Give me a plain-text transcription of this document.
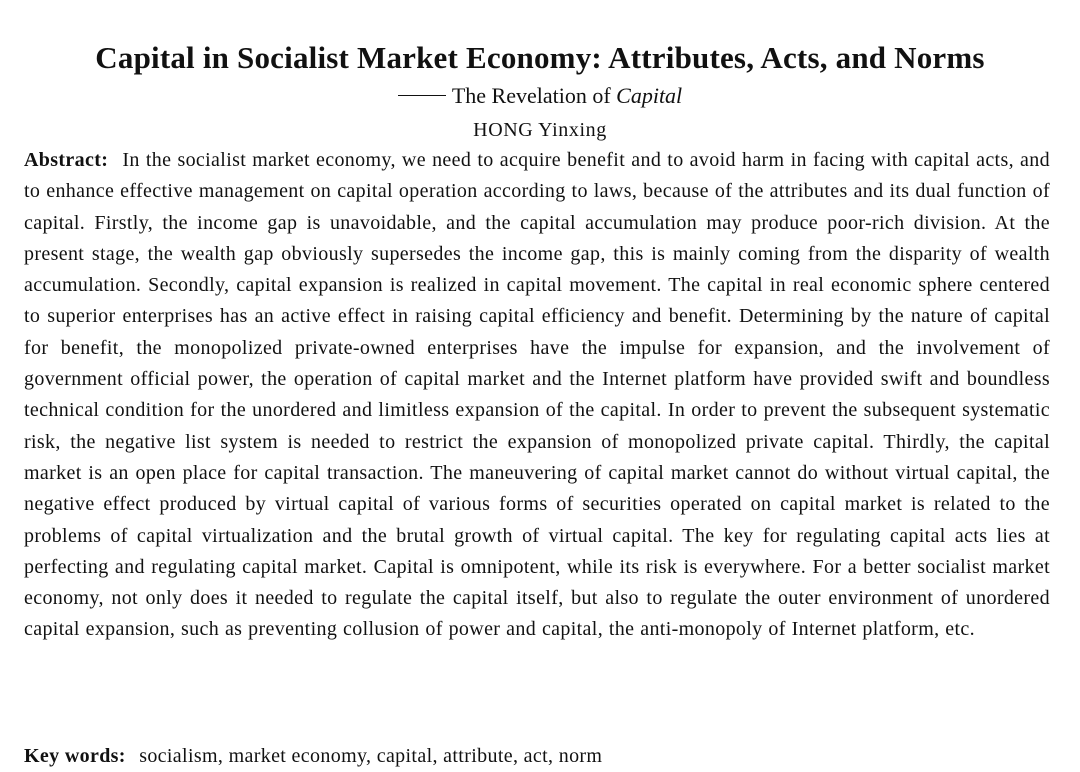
Capital in Socialist Market Economy: Attributes, Acts, and Norms
The Revelation of Capital
HONG Yinxing

Abstract: In the socialist market economy, we need to acquire benefit and to avoid harm in facing with capital acts, and to enhance effective management on capital operation according to laws, because of the attributes and its dual function of capital. Firstly, the income gap is unavoidable, and the capital accumulation may produce poor-rich division. At the present stage, the wealth gap obviously supersedes the income gap, this is mainly coming from the disparity of wealth accumulation. Secondly, capital expansion is realized in capital movement. The capital in real economic sphere centered to superior enterprises has an active effect in raising capital efficiency and benefit. Determining by the nature of capital for benefit, the monopolized private-owned enterprises have the impulse for expansion, and the involvement of government official power, the operation of capital market and the Internet platform have provided swift and boundless technical condition for the unordered and limitless expansion of the capital. In order to prevent the subsequent systematic risk, the negative list system is needed to restrict the expansion of monopolized private capital. Thirdly, the capital market is an open place for capital transaction. The maneuvering of capital market cannot do without virtual capital, the negative effect produced by virtual capital of various forms of securities operated on capital market is related to the problems of capital virtualization and the brutal growth of virtual capital. The key for regulating capital acts lies at perfecting and regulating capital market. Capital is omnipotent, while its risk is everywhere. For a better socialist market economy, not only does it needed to regulate the capital itself, but also to regulate the outer environment of unordered capital expansion, such as preventing collusion of power and capital, the anti-monopoly of Internet platform, etc.

Key words: socialism, market economy, capital, attribute, act, norm
